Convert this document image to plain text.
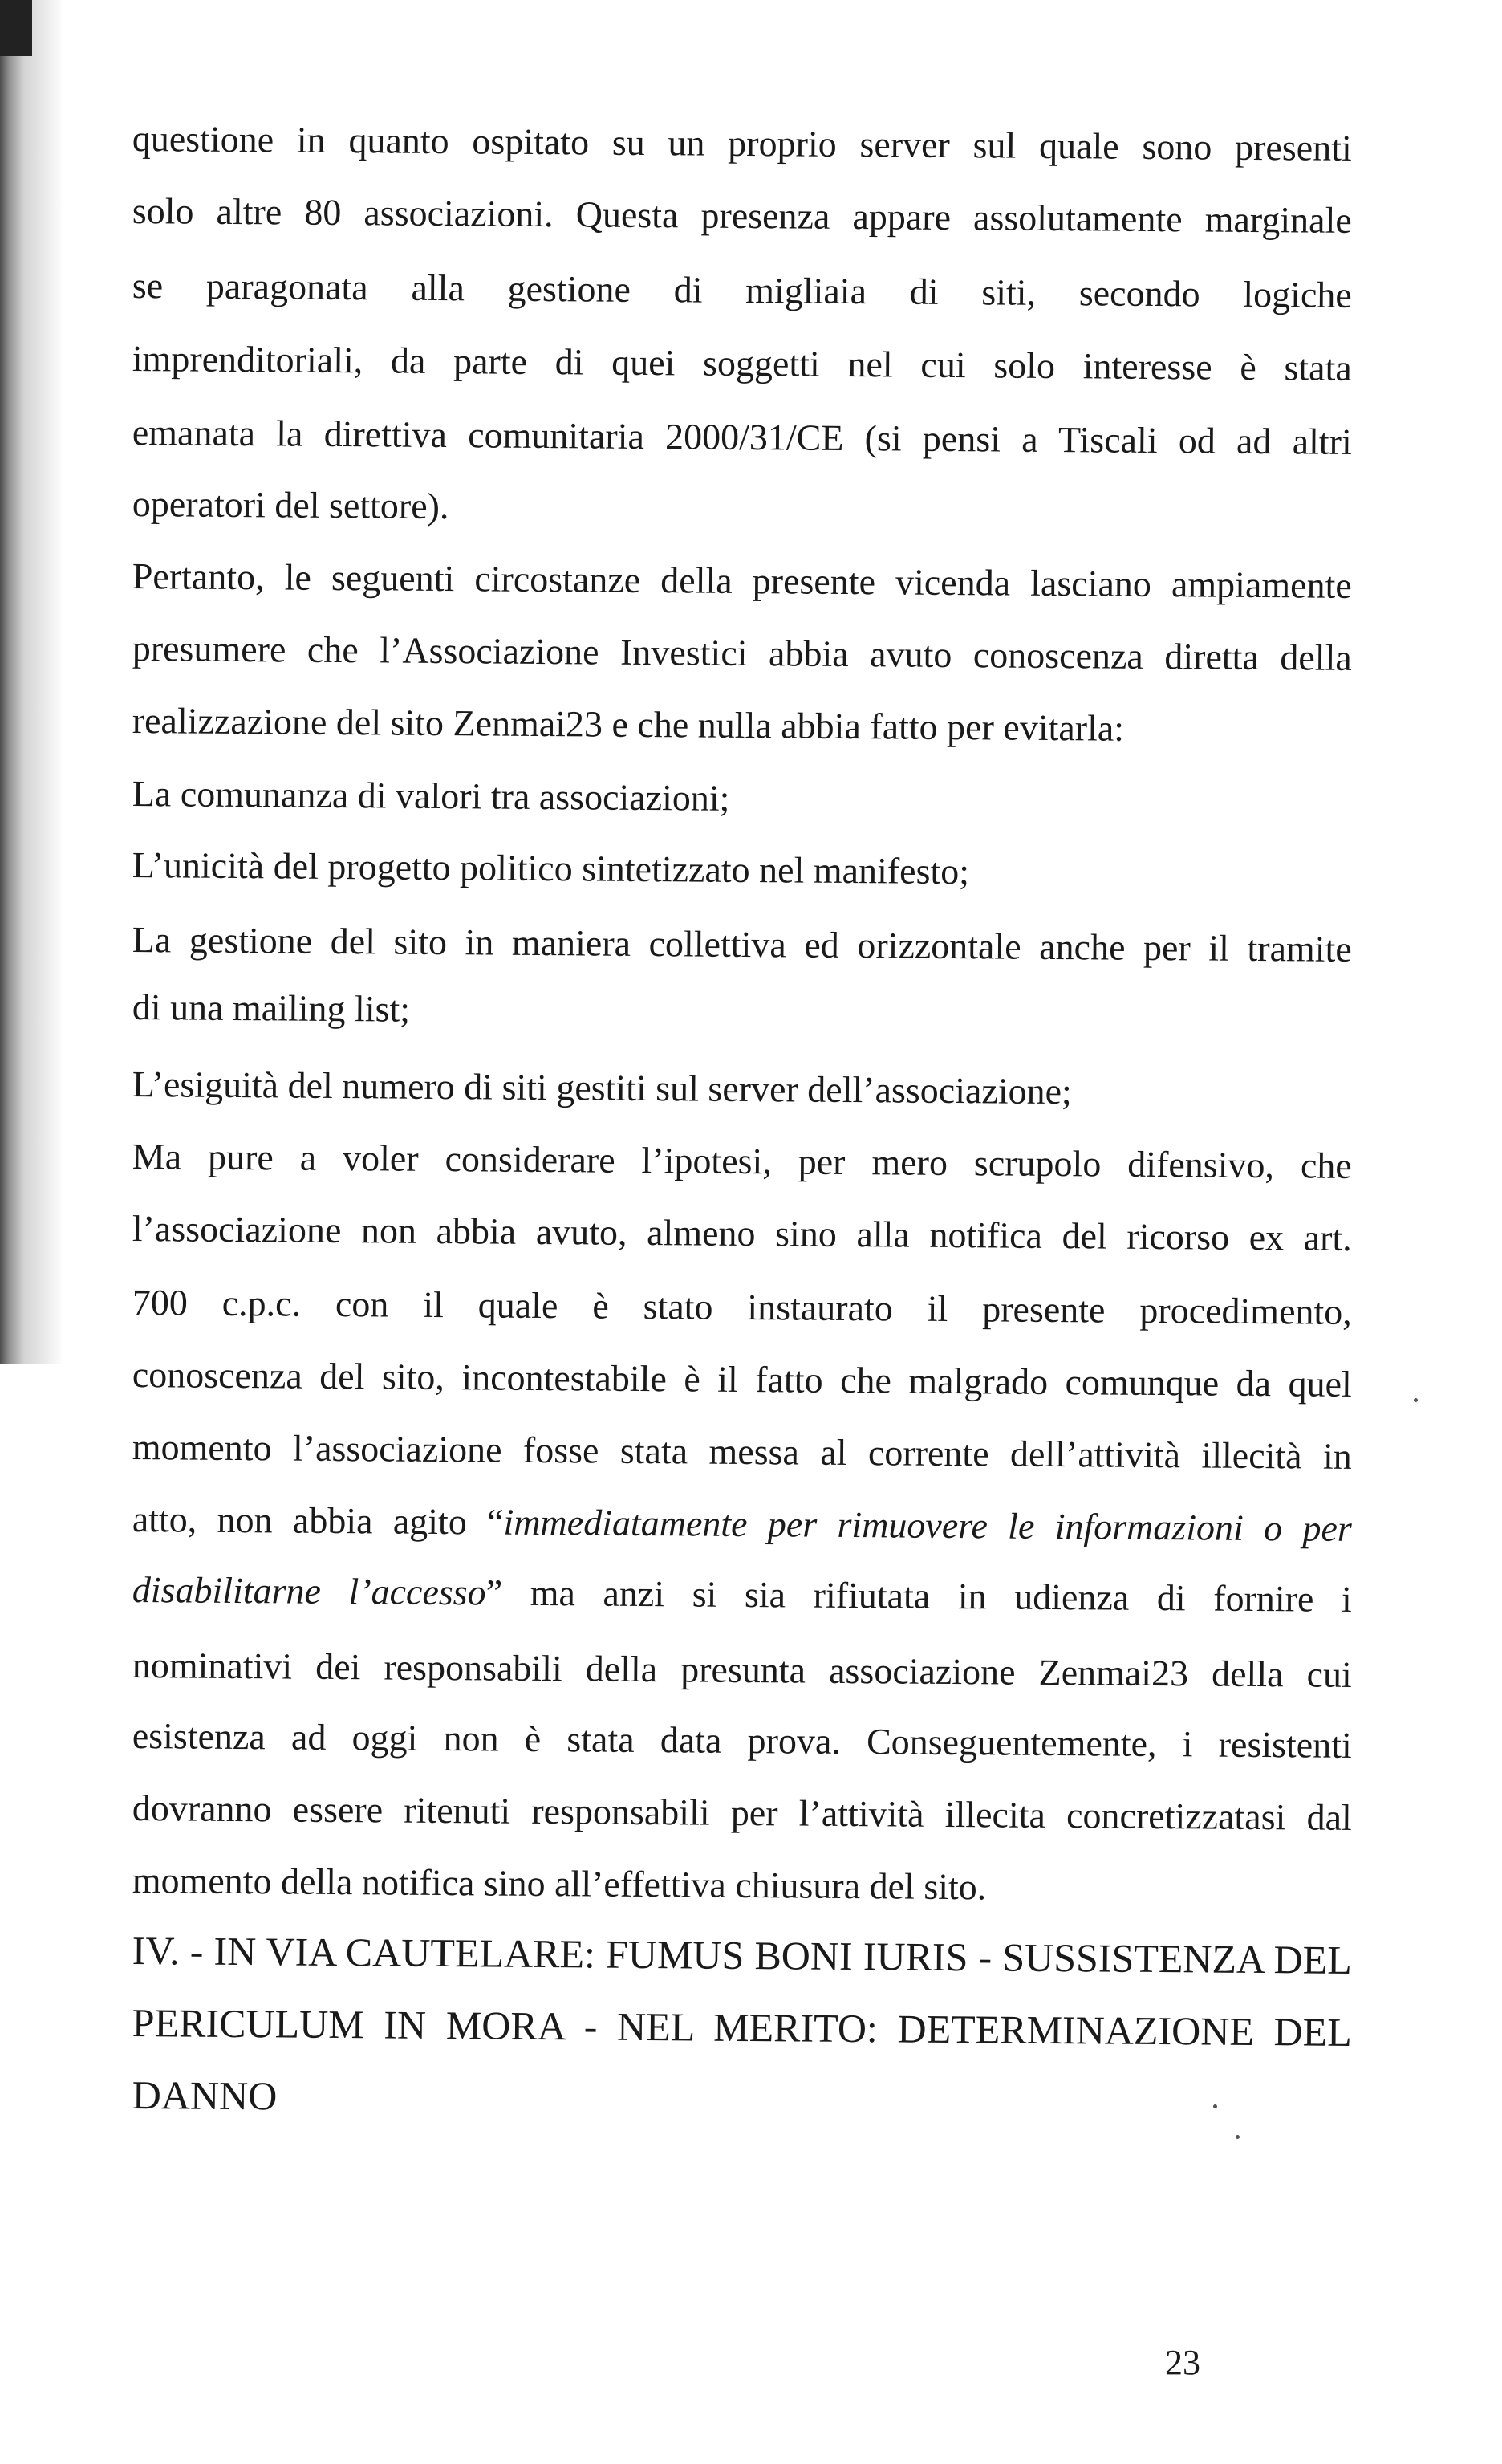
questione in quanto ospitato su un proprio server sul quale sono presenti
solo altre 80 associazioni. Questa presenza appare assolutamente marginale
se paragonata alla gestione di migliaia di siti, secondo logiche
imprenditoriali, da parte di quei soggetti nel cui solo interesse è stata
emanata la direttiva comunitaria 2000/31/CE (si pensi a Tiscali od ad altri
operatori del settore).
Pertanto, le seguenti circostanze della presente vicenda lasciano ampiamente
presumere che l’Associazione Investici abbia avuto conoscenza diretta della
realizzazione del sito Zenmai23 e che nulla abbia fatto per evitarla:
La comunanza di valori tra associazioni;
L’unicità del progetto politico sintetizzato nel manifesto;
La gestione del sito in maniera collettiva ed orizzontale anche per il tramite
di una mailing list;
L’esiguità del numero di siti gestiti sul server dell’associazione;
Ma pure a voler considerare l’ipotesi, per mero scrupolo difensivo, che
l’associazione non abbia avuto, almeno sino alla notifica del ricorso ex art.
700 c.p.c. con il quale è stato instaurato il presente procedimento,
conoscenza del sito, incontestabile è il fatto che malgrado comunque da quel
momento l’associazione fosse stata messa al corrente dell’attività illecità in
atto, non abbia agito “immediatamente per rimuovere le informazioni o per
disabilitarne l’accesso” ma anzi si sia rifiutata in udienza di fornire i
nominativi dei responsabili della presunta associazione Zenmai23 della cui
esistenza ad oggi non è stata data prova. Conseguentemente, i resistenti
dovranno essere ritenuti responsabili per l’attività illecita concretizzatasi dal
momento della notifica sino all’effettiva chiusura del sito.
IV. - IN VIA CAUTELARE: FUMUS BONI IURIS - SUSSISTENZA DEL
PERICULUM IN MORA - NEL MERITO: DETERMINAZIONE DEL
DANNO
23
